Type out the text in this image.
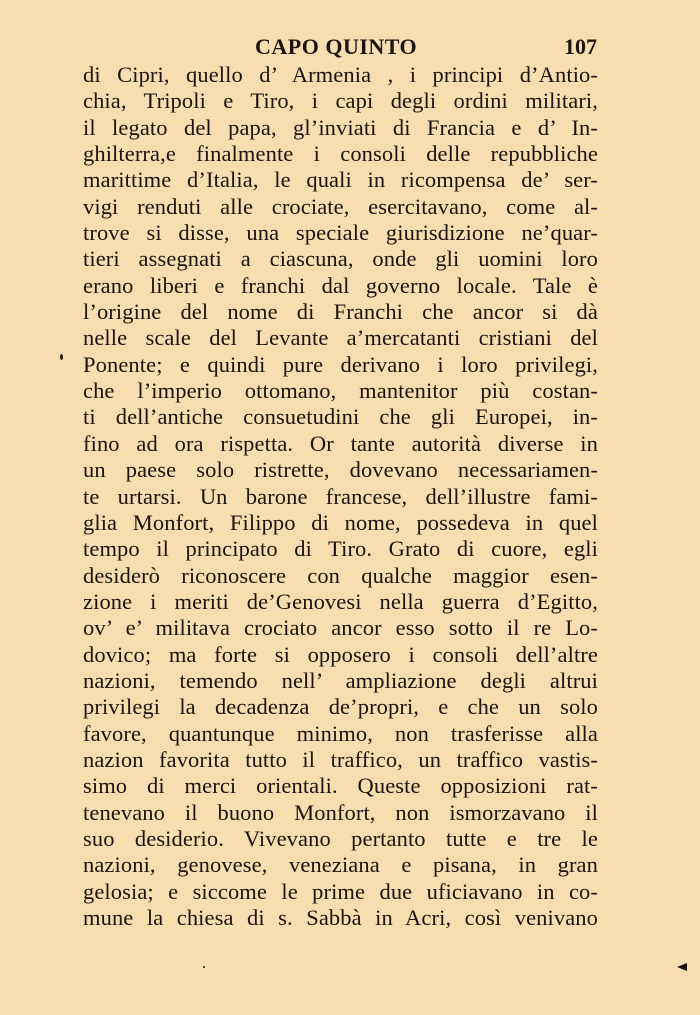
CAPO QUINTO	107
di Cipri, quello d’ Armenia , i principi d’Antio-
chia, Tripoli e Tiro, i capi degli ordini militari,
il legato del papa, gl’inviati di Francia e d’ In-
ghilterra,e finalmente i consoli delle repubbliche
marittime d’Italia, le quali in ricompensa de’ ser-
vigi renduti alle crociate, esercitavano, come al-
trove si disse, una speciale giurisdizione ne’quar-
tieri assegnati a ciascuna, onde gli uomini loro
erano liberi e franchi dal governo locale. Tale è
l’origine del nome di Franchi che ancor si dà
nelle scale del Levante a’mercatanti cristiani del
Ponente; e quindi pure derivano i loro privilegi,
che l’imperio ottomano, mantenitor più costan-
ti dell’antiche consuetudini che gli Europei, in-
fino ad ora rispetta. Or tante autorità diverse in
un paese solo ristrette, dovevano necessariamen-
te urtarsi. Un barone francese, dell’illustre fami-
glia Monfort, Filippo di nome, possedeva in quel
tempo il principato di Tiro. Grato di cuore, egli
desiderò riconoscere con qualche maggior esen-
zione i meriti de’Genovesi nella guerra d’Egitto,
ov’ e’ militava crociato ancor esso sotto il re Lo-
dovico; ma forte si opposero i consoli dell’altre
nazioni, temendo nell’ ampliazione degli altrui
privilegi la decadenza de’propri, e che un solo
favore, quantunque minimo, non trasferisse alla
nazion favorita tutto il traffico, un traffico vastis-
simo di merci orientali. Queste opposizioni rat-
tenevano il buono Monfort, non ismorzavano il
suo desiderio. Vivevano pertanto tutte e tre le
nazioni, genovese, veneziana e pisana, in gran
gelosia; e siccome le prime due uficiavano in co-
mune la chiesa di s. Sabbà in Acri, così venivano
